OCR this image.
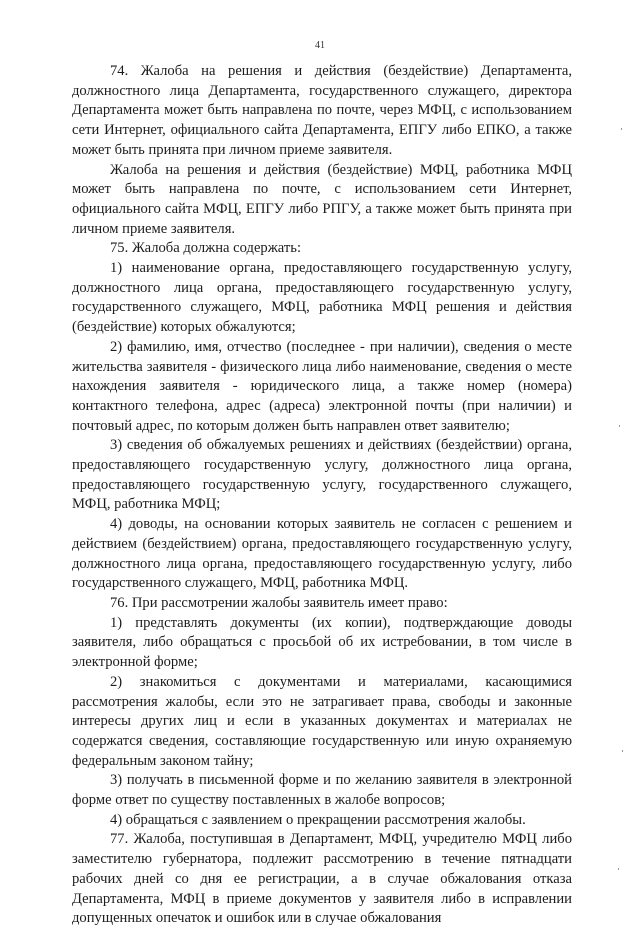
41

74. Жалоба на решения и действия (бездействие) Департамента, должностного лица Департамента, государственного служащего, директора Департамента может быть направлена по почте, через МФЦ, с использованием сети Интернет, официального сайта Департамента, ЕПГУ либо ЕПКО, а также может быть принята при личном приеме заявителя.

Жалоба на решения и действия (бездействие) МФЦ, работника МФЦ может быть направлена по почте, с использованием сети Интернет, официального сайта МФЦ, ЕПГУ либо РПГУ, а также может быть принята при личном приеме заявителя.

75. Жалоба должна содержать:

1) наименование органа, предоставляющего государственную услугу, должностного лица органа, предоставляющего государственную услугу, государственного служащего, МФЦ, работника МФЦ решения и действия (бездействие) которых обжалуются;

2) фамилию, имя, отчество (последнее - при наличии), сведения о месте жительства заявителя - физического лица либо наименование, сведения о месте нахождения заявителя - юридического лица, а также номер (номера) контактного телефона, адрес (адреса) электронной почты (при наличии) и почтовый адрес, по которым должен быть направлен ответ заявителю;

3) сведения об обжалуемых решениях и действиях (бездействии) органа, предоставляющего государственную услугу, должностного лица органа, предоставляющего государственную услугу, государственного служащего, МФЦ, работника МФЦ;

4) доводы, на основании которых заявитель не согласен с решением и действием (бездействием) органа, предоставляющего государственную услугу, должностного лица органа, предоставляющего государственную услугу, либо государственного служащего, МФЦ, работника МФЦ.

76. При рассмотрении жалобы заявитель имеет право:

1) представлять документы (их копии), подтверждающие доводы заявителя, либо обращаться с просьбой об их истребовании, в том числе в электронной форме;

2) знакомиться с документами и материалами, касающимися рассмотрения жалобы, если это не затрагивает права, свободы и законные интересы других лиц и если в указанных документах и материалах не содержатся сведения, составляющие государственную или иную охраняемую федеральным законом тайну;

3) получать в письменной форме и по желанию заявителя в электронной форме ответ по существу поставленных в жалобе вопросов;

4) обращаться с заявлением о прекращении рассмотрения жалобы.

77. Жалоба, поступившая в Департамент, МФЦ, учредителю МФЦ либо заместителю губернатора, подлежит рассмотрению в течение пятнадцати рабочих дней со дня ее регистрации, а в случае обжалования отказа Департамента, МФЦ в приеме документов у заявителя либо в исправлении допущенных опечаток и ошибок или в случае обжалования
